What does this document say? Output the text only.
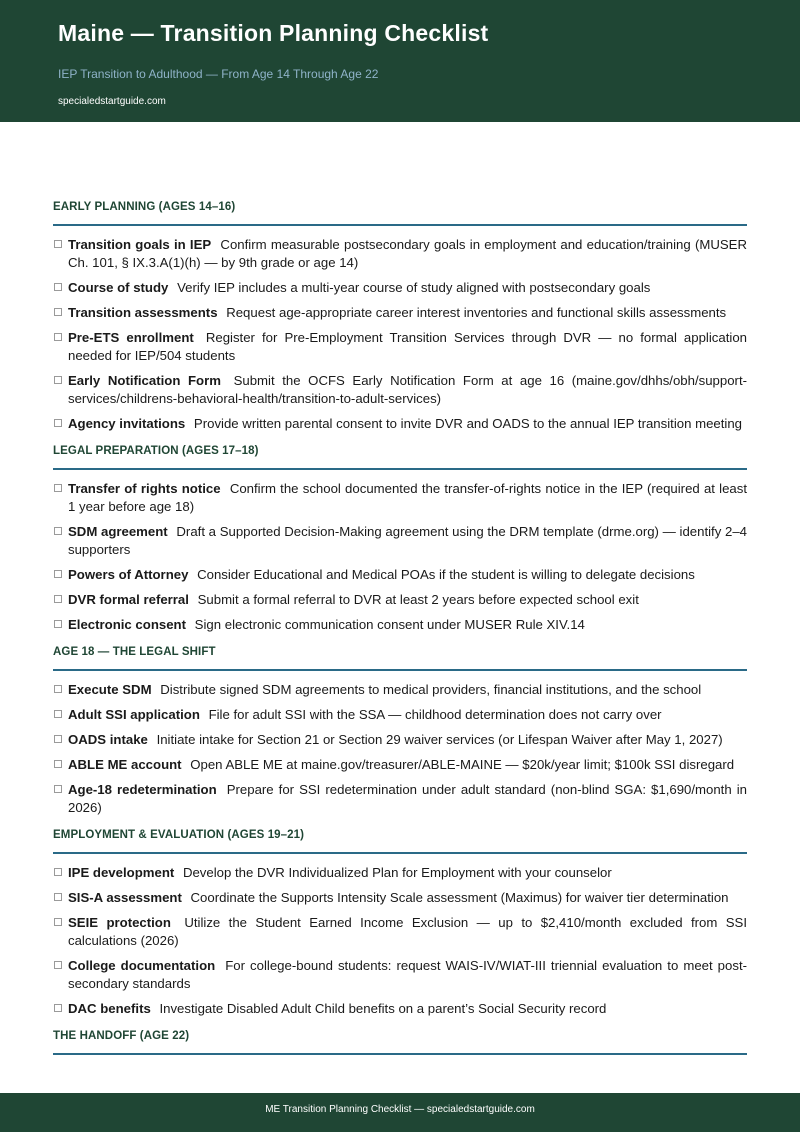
Maine — Transition Planning Checklist
IEP Transition to Adulthood — From Age 14 Through Age 22
specialedstartguide.com
EARLY PLANNING (AGES 14–16)
Transition goals in IEP Confirm measurable postsecondary goals in employment and education/training (MUSER Ch. 101, § IX.3.A(1)(h) — by 9th grade or age 14)
Course of study Verify IEP includes a multi-year course of study aligned with postsecondary goals
Transition assessments Request age-appropriate career interest inventories and functional skills assessments
Pre-ETS enrollment Register for Pre-Employment Transition Services through DVR — no formal application needed for IEP/504 students
Early Notification Form Submit the OCFS Early Notification Form at age 16 (maine.gov/dhhs/obh/support-services/childrens-behavioral-health/transition-to-adult-services)
Agency invitations Provide written parental consent to invite DVR and OADS to the annual IEP transition meeting
LEGAL PREPARATION (AGES 17–18)
Transfer of rights notice Confirm the school documented the transfer-of-rights notice in the IEP (required at least 1 year before age 18)
SDM agreement Draft a Supported Decision-Making agreement using the DRM template (drme.org) — identify 2–4 supporters
Powers of Attorney Consider Educational and Medical POAs if the student is willing to delegate decisions
DVR formal referral Submit a formal referral to DVR at least 2 years before expected school exit
Electronic consent Sign electronic communication consent under MUSER Rule XIV.14
AGE 18 — THE LEGAL SHIFT
Execute SDM Distribute signed SDM agreements to medical providers, financial institutions, and the school
Adult SSI application File for adult SSI with the SSA — childhood determination does not carry over
OADS intake Initiate intake for Section 21 or Section 29 waiver services (or Lifespan Waiver after May 1, 2027)
ABLE ME account Open ABLE ME at maine.gov/treasurer/ABLE-MAINE — $20k/year limit; $100k SSI disregard
Age-18 redetermination Prepare for SSI redetermination under adult standard (non-blind SGA: $1,690/month in 2026)
EMPLOYMENT & EVALUATION (AGES 19–21)
IPE development Develop the DVR Individualized Plan for Employment with your counselor
SIS-A assessment Coordinate the Supports Intensity Scale assessment (Maximus) for waiver tier determination
SEIE protection Utilize the Student Earned Income Exclusion — up to $2,410/month excluded from SSI calculations (2026)
College documentation For college-bound students: request WAIS-IV/WIAT-III triennial evaluation to meet post-secondary standards
DAC benefits Investigate Disabled Adult Child benefits on a parent’s Social Security record
THE HANDOFF (AGE 22)
ME Transition Planning Checklist — specialedstartguide.com
